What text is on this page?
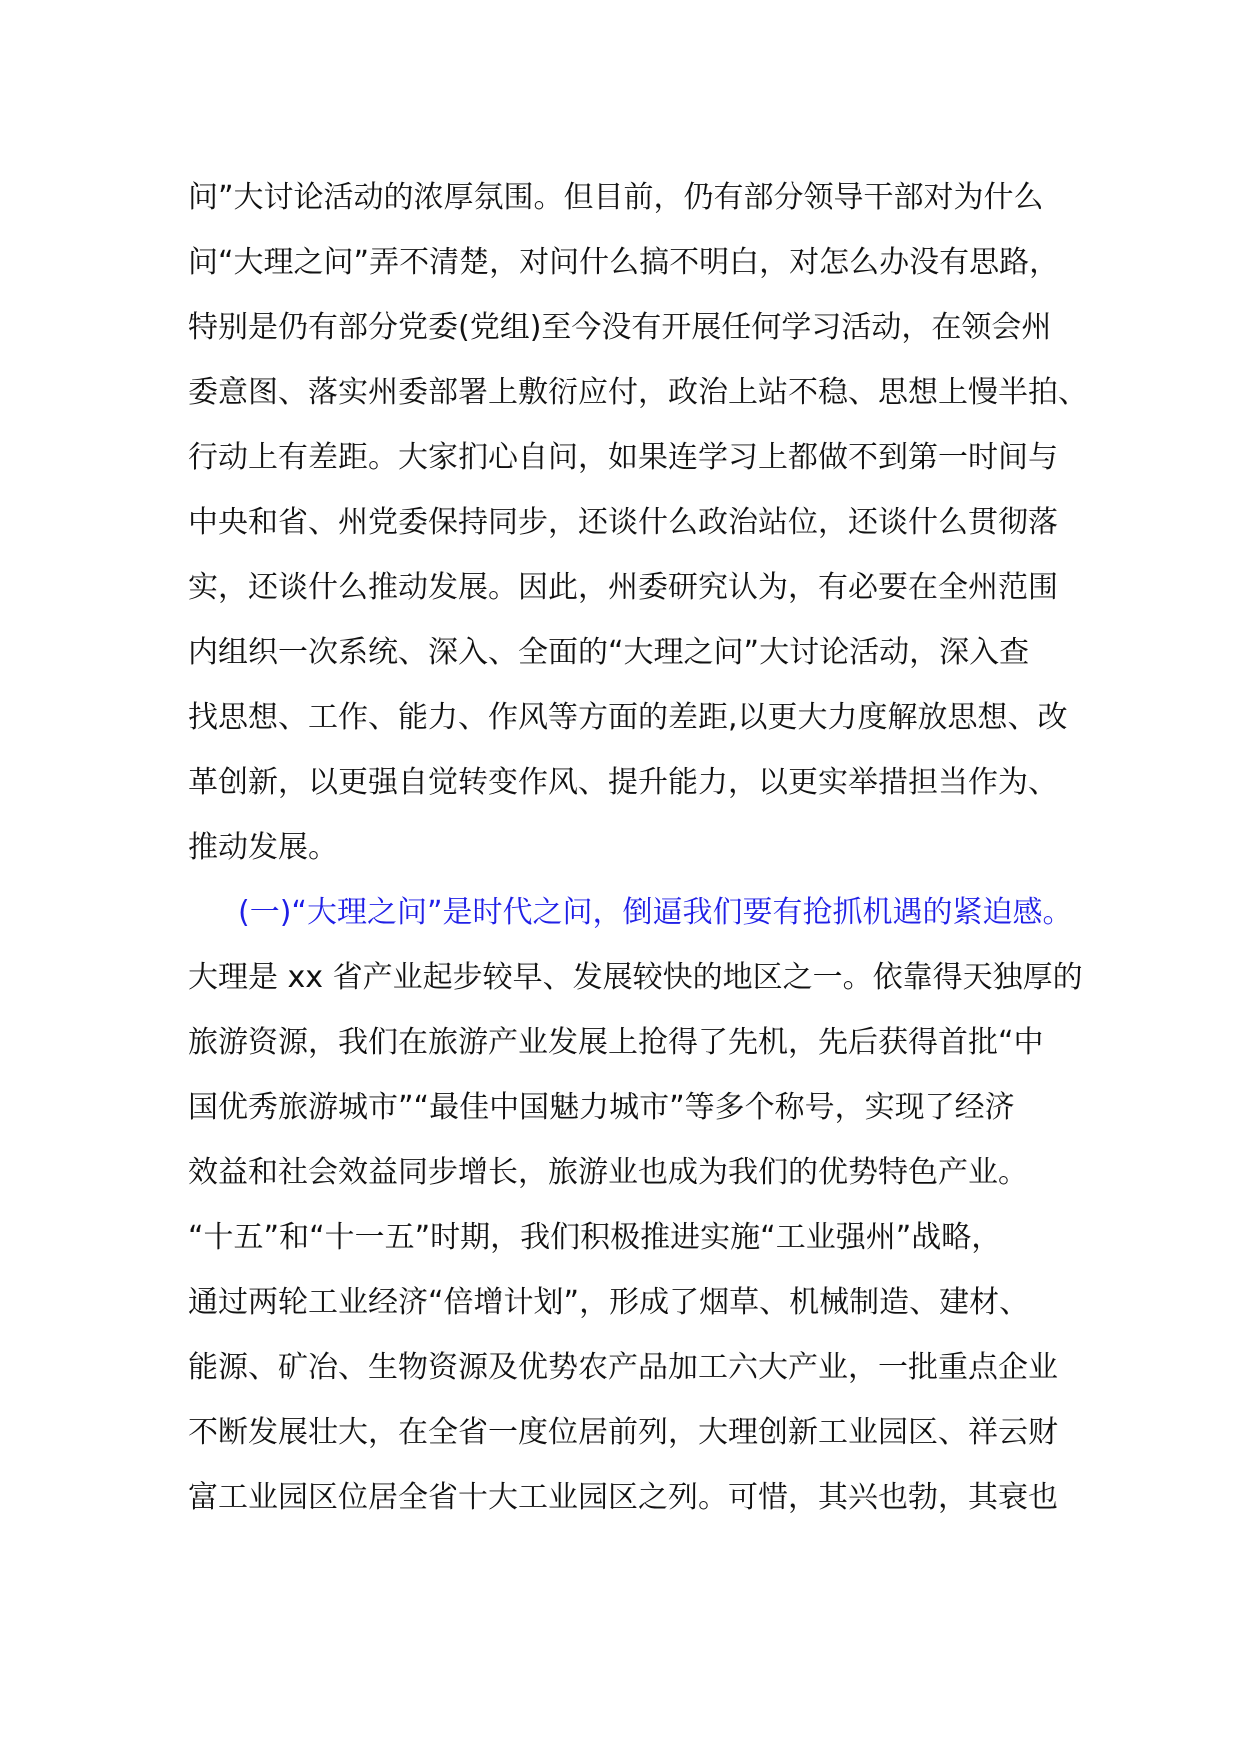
问”大讨论活动的浓厚氛围。但目前，仍有部分领导干部对为什么
问“大理之问”弄不清楚，对问什么搞不明白，对怎么办没有思路，
特别是仍有部分党委(党组)至今没有开展任何学习活动，在领会州
委意图、落实州委部署上敷衍应付，政治上站不稳、思想上慢半拍、
行动上有差距。大家扪心自问，如果连学习上都做不到第一时间与
中央和省、州党委保持同步，还谈什么政治站位，还谈什么贯彻落
实，还谈什么推动发展。因此，州委研究认为，有必要在全州范围
内组织一次系统、深入、全面的“大理之问”大讨论活动，深入查
找思想、工作、能力、作风等方面的差距,以更大力度解放思想、改
革创新，以更强自觉转变作风、提升能力，以更实举措担当作为、
推动发展。
(一)“大理之问”是时代之问，倒逼我们要有抢抓机遇的紧迫感。
大理是 xx 省产业起步较早、发展较快的地区之一。依靠得天独厚的
旅游资源，我们在旅游产业发展上抢得了先机，先后获得首批“中
国优秀旅游城市”“最佳中国魅力城市”等多个称号，实现了经济
效益和社会效益同步增长，旅游业也成为我们的优势特色产业。
“十五”和“十一五”时期，我们积极推进实施“工业强州”战略，
通过两轮工业经济“倍增计划”，形成了烟草、机械制造、建材、
能源、矿冶、生物资源及优势农产品加工六大产业，一批重点企业
不断发展壮大，在全省一度位居前列，大理创新工业园区、祥云财
富工业园区位居全省十大工业园区之列。可惜，其兴也勃，其衰也
